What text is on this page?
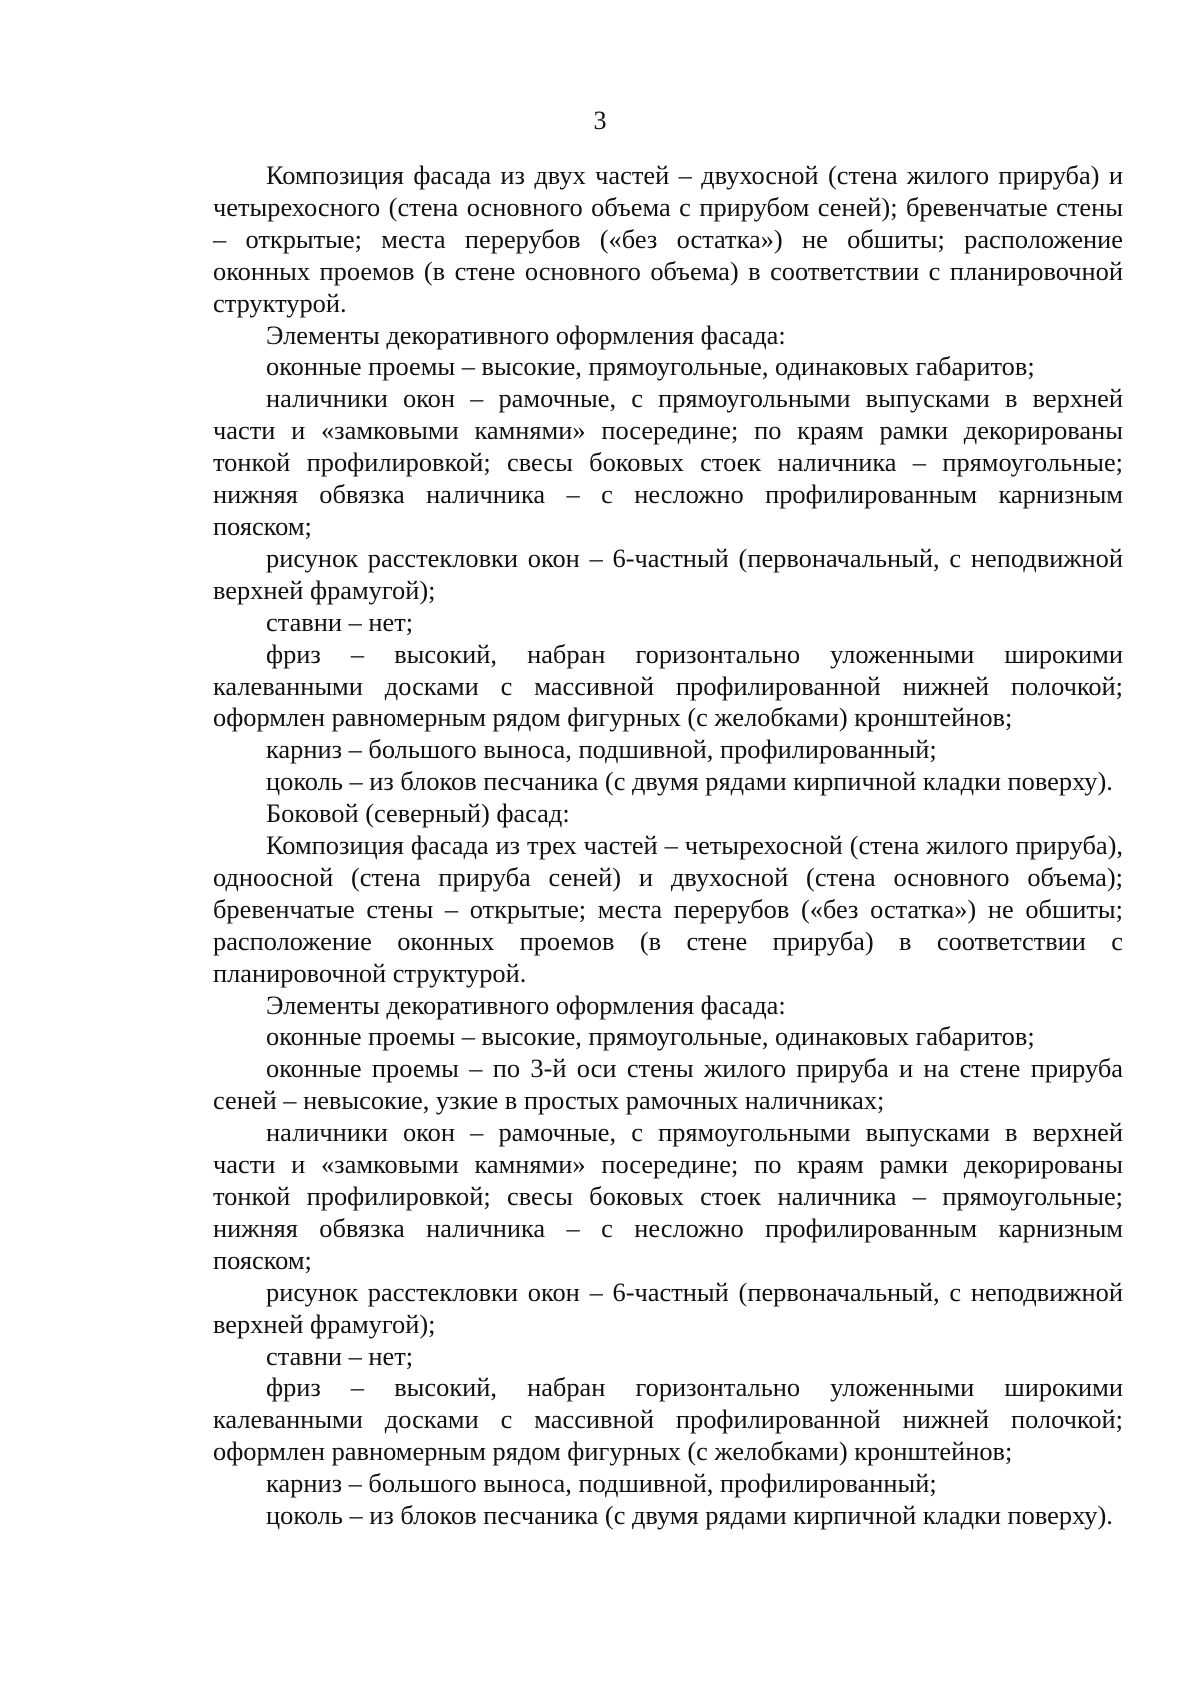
3

Композиция фасада из двух частей – двухосной (стена жилого прируба) и четырехосного (стена основного объема с прирубом сеней); бревенчатые стены – открытые; места перерубов («без остатка») не обшиты; расположение оконных проемов (в стене основного объема) в соответствии с планировочной структурой.

Элементы декоративного оформления фасада:

оконные проемы – высокие, прямоугольные, одинаковых габаритов;

наличники окон – рамочные, с прямоугольными выпусками в верхней части и «замковыми камнями» посередине; по краям рамки декорированы тонкой профилировкой; свесы боковых стоек наличника – прямоугольные; нижняя обвязка наличника – с несложно профилированным карнизным пояском;

рисунок расстекловки окон – 6-частный (первоначальный, с неподвижной верхней фрамугой);

ставни – нет;

фриз – высокий, набран горизонтально уложенными широкими калеванными досками с массивной профилированной нижней полочкой; оформлен равномерным рядом фигурных (с желобками) кронштейнов;

карниз – большого выноса, подшивной, профилированный;

цоколь – из блоков песчаника (с двумя рядами кирпичной кладки поверху).

Боковой (северный) фасад:

Композиция фасада из трех частей – четырехосной (стена жилого прируба), одноосной (стена прируба сеней) и двухосной (стена основного объема); бревенчатые стены – открытые; места перерубов («без остатка») не обшиты; расположение оконных проемов (в стене прируба) в соответствии с планировочной структурой.

Элементы декоративного оформления фасада:

оконные проемы – высокие, прямоугольные, одинаковых габаритов;

оконные проемы – по 3-й оси стены жилого прируба и на стене прируба сеней – невысокие, узкие в простых рамочных наличниках;

наличники окон – рамочные, с прямоугольными выпусками в верхней части и «замковыми камнями» посередине; по краям рамки декорированы тонкой профилировкой; свесы боковых стоек наличника – прямоугольные; нижняя обвязка наличника – с несложно профилированным карнизным пояском;

рисунок расстекловки окон – 6-частный (первоначальный, с неподвижной верхней фрамугой);

ставни – нет;

фриз – высокий, набран горизонтально уложенными широкими калеванными досками с массивной профилированной нижней полочкой; оформлен равномерным рядом фигурных (с желобками) кронштейнов;

карниз – большого выноса, подшивной, профилированный;

цоколь – из блоков песчаника (с двумя рядами кирпичной кладки поверху).
